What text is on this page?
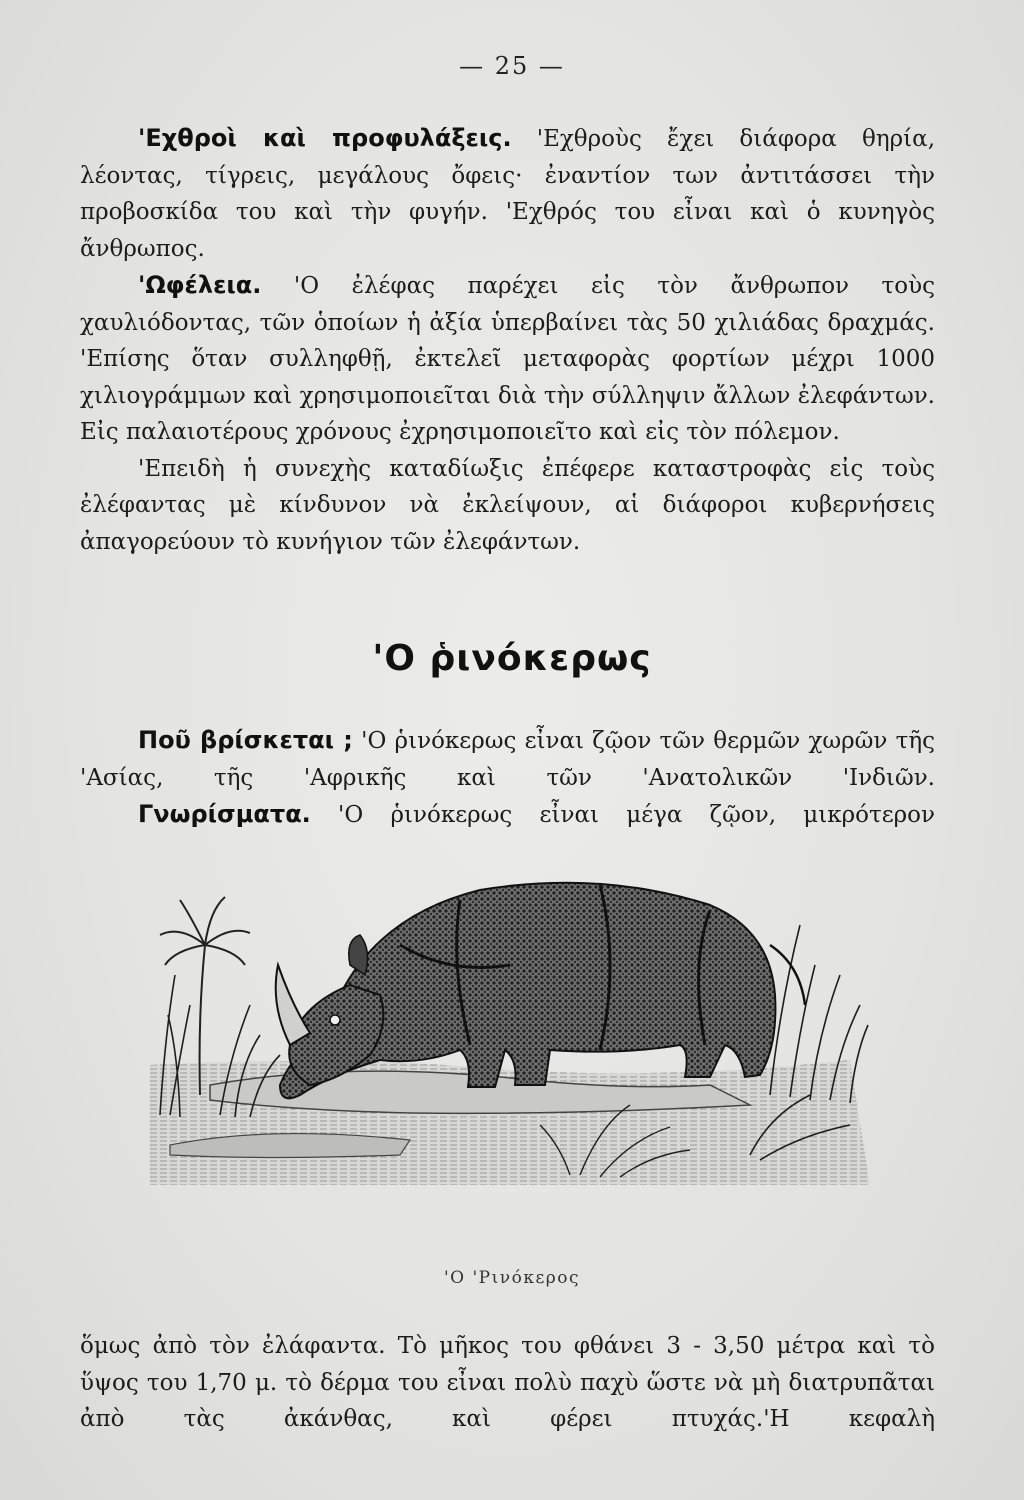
— 25 —

'Εχθροὶ καὶ προφυλάξεις. 'Εχθροὺς ἔχει διάφορα θηρία, λέοντας, τίγρεις, μεγάλους ὄφεις· ἐναντίον των ἀντιτάσσει τὴν προβοσκίδα του καὶ τὴν φυγήν. 'Εχθρός του εἶναι καὶ ὁ κυνηγὸς ἄνθρωπος.

'Ωφέλεια. 'Ο ἐλέφας παρέχει εἰς τὸν ἄνθρωπον τοὺς χαυλιόδοντας, τῶν ὁποίων ἡ ἀξία ὑπερβαίνει τὰς 50 χιλιάδας δραχμάς. 'Επίσης ὅταν συλληφθῇ, ἐκτελεῖ μεταφορὰς φορτίων μέχρι 1000 χιλιογράμμων καὶ χρησιμοποιεῖται διὰ τὴν σύλληψιν ἄλλων ἐλεφάντων. Εἰς παλαιοτέρους χρόνους ἐχρησιμοποιεῖτο καὶ εἰς τὸν πόλεμον.

'Επειδὴ ἡ συνεχὴς καταδίωξις ἐπέφερε καταστροφὰς εἰς τοὺς ἐλέφαντας μὲ κίνδυνον νὰ ἐκλείψουν, αἱ διάφοροι κυβερνήσεις ἀπαγορεύουν τὸ κυνήγιον τῶν ἐλεφάντων.

'Ο ῥινόκερως

Ποῦ βρίσκεται ; 'Ο ῥινόκερως εἶναι ζῷον τῶν θερμῶν χωρῶν τῆς 'Ασίας, τῆς 'Αφρικῆς καὶ τῶν 'Ανατολικῶν 'Ινδιῶν.

Γνωρίσματα. 'Ο ῥινόκερως εἶναι μέγα ζῷον, μικρότερον

'Ο 'Ρινόκερος

ὅμως ἀπὸ τὸν ἐλάφαντα. Τὸ μῆκος του φθάνει 3 - 3,50 μέτρα καὶ τὸ ὕψος του 1,70 μ. τὸ δέρμα του εἶναι πολὺ παχὺ ὥστε νὰ μὴ διατρυπᾶται ἀπὸ τὰς ἀκάνθας, καὶ φέρει πτυχάς.'Η κεφαλὴ
